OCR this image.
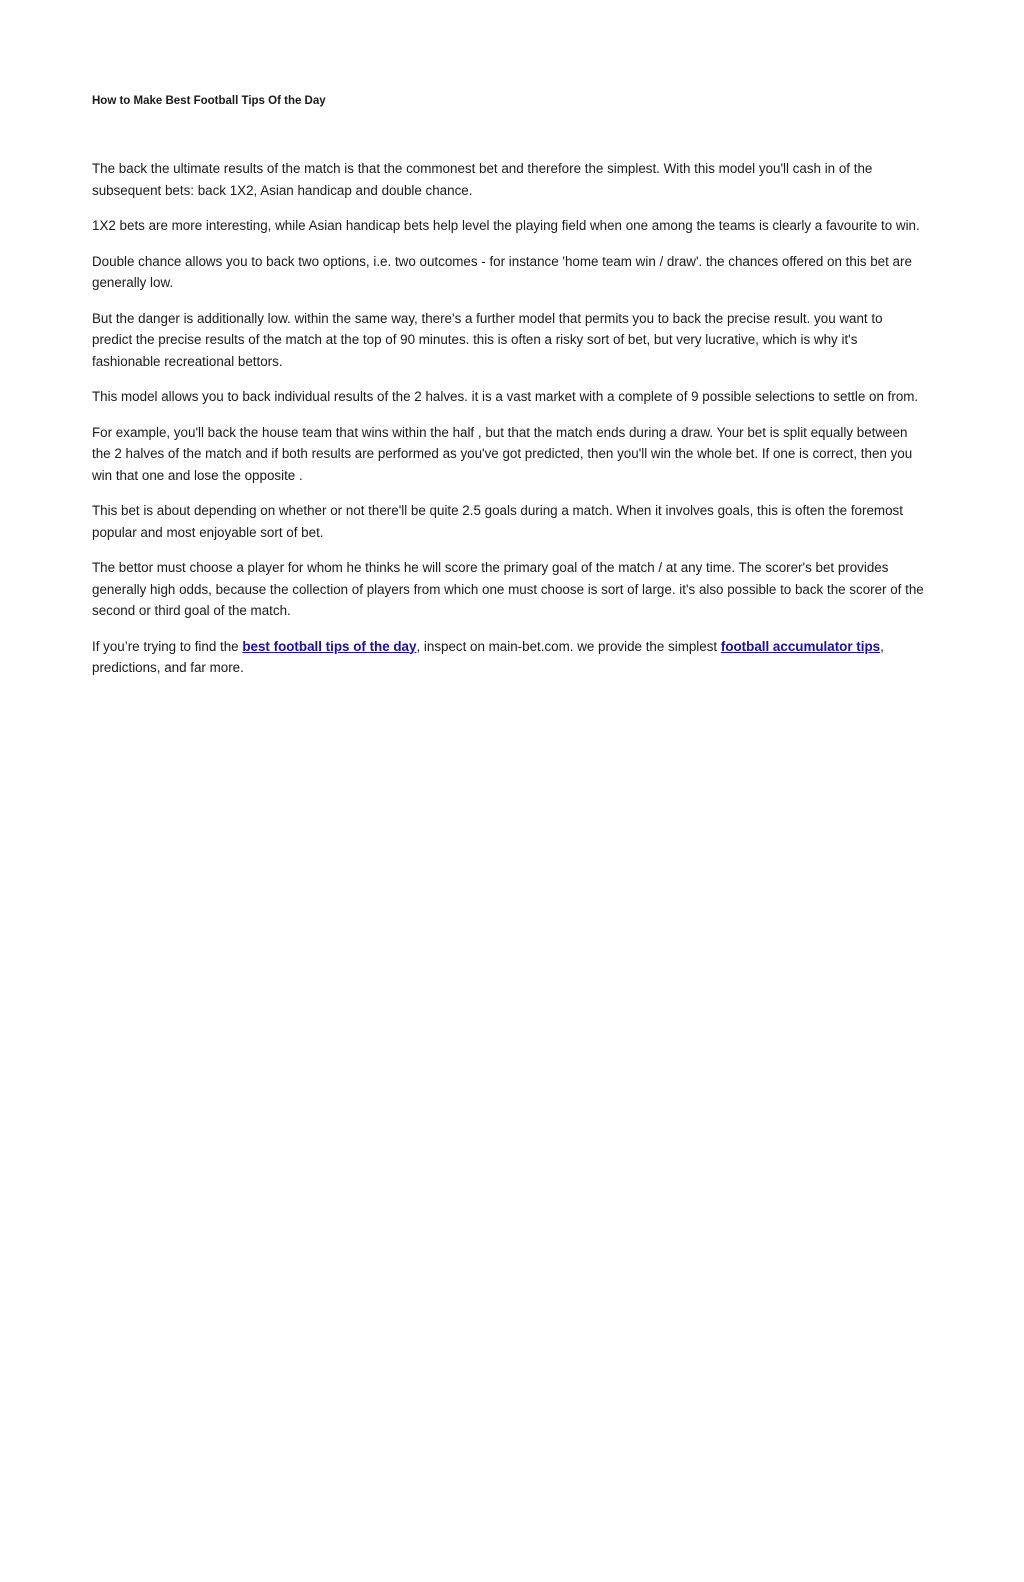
How to Make Best Football Tips Of the Day

The back the ultimate results of the match is that the commonest bet and therefore the simplest. With this model you'll cash in of the subsequent bets: back 1X2, Asian handicap and double chance.

1X2 bets are more interesting, while Asian handicap bets help level the playing field when one among the teams is clearly a favourite to win.

Double chance allows you to back two options, i.e. two outcomes - for instance 'home team win / draw'. the chances offered on this bet are generally low.

But the danger is additionally low. within the same way, there's a further model that permits you to back the precise result. you want to predict the precise results of the match at the top of 90 minutes. this is often a risky sort of bet, but very lucrative, which is why it's fashionable recreational bettors.

This model allows you to back individual results of the 2 halves. it is a vast market with a complete of 9 possible selections to settle on from.

For example, you'll back the house team that wins within the half , but that the match ends during a draw. Your bet is split equally between the 2 halves of the match and if both results are performed as you've got predicted, then you'll win the whole bet. If one is correct, then you win that one and lose the opposite .

This bet is about depending on whether or not there'll be quite 2.5 goals during a match. When it involves goals, this is often the foremost popular and most enjoyable sort of bet.

The bettor must choose a player for whom he thinks he will score the primary goal of the match / at any time. The scorer's bet provides generally high odds, because the collection of players from which one must choose is sort of large. it's also possible to back the scorer of the second or third goal of the match.

If you’re trying to find the best football tips of the day, inspect on main-bet.com. we provide the simplest football accumulator tips, predictions, and far more.
